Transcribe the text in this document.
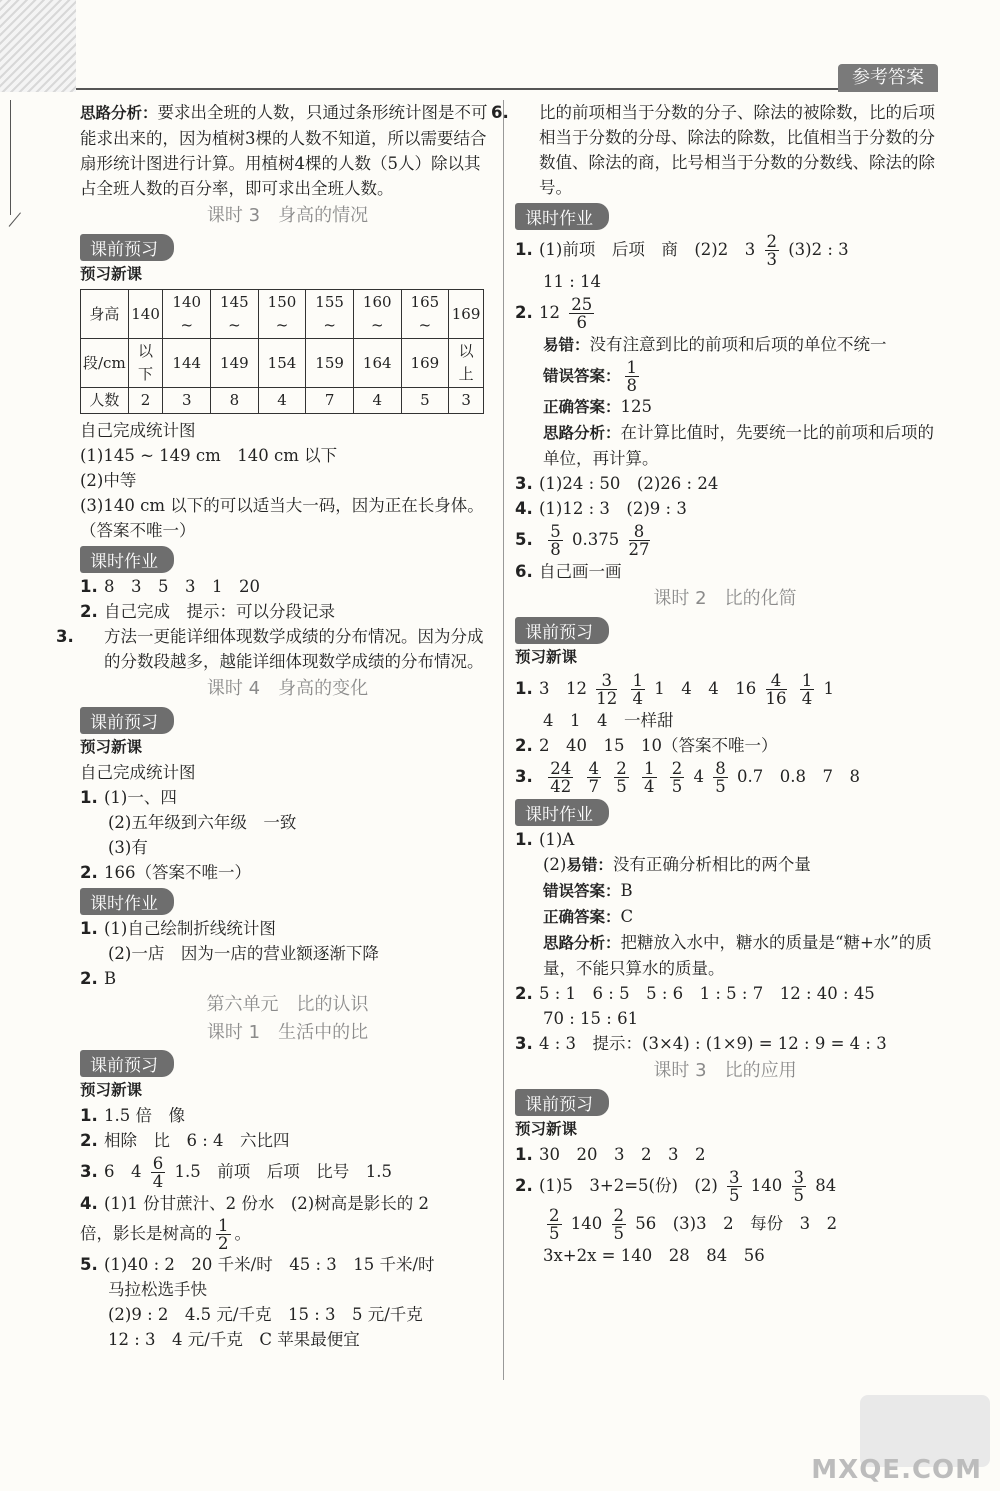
参考答案

思路分析：要求出全班的人数，只通过条形统计图是不可能求出来的，因为植树3棵的人数不知道，所以需要结合扇形统计图进行计算。用植树4棵的人数（5人）除以其占全班人数的百分率，即可求出全班人数。

课时 3　身高的情况
课前预习

预习新课

身高	140	140 ~	145 ~	150 ~	155 ~	160 ~	165 ~	169
段/cm	以下	144	149	154	159	164	169	以上
人数	2	3	8	4	7	4	5	3

自己完成统计图

(1)145 ~ 149 cm　140 cm 以下

(2)中等

(3)140 cm 以下的可以适当大一码，因为正在长身体。（答案不唯一）

课时作业

1. 8　3　5　3　1　20

2. 自己完成　提示：可以分段记录

3. 方法一更能详细体现数学成绩的分布情况。因为分成的分数段越多，越能详细体现数学成绩的分布情况。

课时 4　身高的变化
课前预习

预习新课

自己完成统计图

1. (1)一、四

(2)五年级到六年级　一致

(3)有

2. 166（答案不唯一）

课时作业

1. (1)自己绘制折线统计图

(2)一店　因为一店的营业额逐渐下降

2. B

第六单元　比的认识
课时 1　生活中的比
课前预习

预习新课

1. 1.5 倍　像

2. 相除　比　6 : 4　六比四

3. 6　$4 \frac{6}{4} 1.5$　前项　后项　比号　1.5

4. (1)1 份甘蔗汁、2 份水　(2)树高是影长的 2

倍，影长是树高的 $\frac{1}{2}$ 。

5. (1)40 : 2　20 千米/时　45 : 3　15 千米/时

马拉松选手快

(2)9 : 2　4.5 元/千克　15 : 3　5 元/千克

12 : 3　4 元/千克　C 苹果最便宜

6. 比的前项相当于分数的分子、除法的被除数，比的后项相当于分数的分母、除法的除数，比值相当于分数的分数值、除法的商，比号相当于分数的分数线、除法的除号。

课时作业

1. (1)前项　后项　商　(2)2　$3 \frac{2}{3} (3)2$ : 3

11 : 14

2. $12 \frac{25}{6}$

易错：没有注意到比的前项和后项的单位不统一

错误答案： $\frac{1}{8}$

正确答案：125

思路分析：在计算比值时，先要统一比的前项和后项的单位，再计算。

3. (1)24 : 50　(2)26 : 24

4. (1)12 : 3　(2)9 : 3

5. $\frac{5}{8} 0.375 \frac{8}{27}$

6. 自己画一画

课时 2　比的化简
课前预习

预习新课

1. 3　$12 \frac{3}{12}$
$\frac{1}{4} 1$　4　4　$16 \frac{4}{16}$
$\frac{1}{4} 1$

4　1　4　一样甜

2. 2　40　15　10（答案不唯一）

3. $\frac{24}{42}$
$\frac{4}{7}$
$\frac{2}{5}$
$\frac{1}{4}$
$\frac{2}{5} 4 \frac{8}{5} 0.7$　0.8　7　8

课时作业

1. (1)A

(2)易错：没有正确分析相比的两个量

错误答案：B

正确答案：C

思路分析：把糖放入水中，糖水的质量是“糖+水”的质量，不能只算水的质量。

2. 5 : 1　6 : 5　5 : 6　1 : 5 : 7　12 : 40 : 45

70 : 15 : 61

3. 4 : 3　提示：(3×4) : (1×9) = 12 : 9 = 4 : 3

课时 3　比的应用
课前预习

预习新课

1. 30　20　3　2　3　2

2. (1)5　3+2=5(份)　$(2) \frac{3}{5} 140 \frac{3}{5} 84$

$\frac{2}{5} 140 \frac{2}{5} 56$　(3)3　2　每份　3　2

3x+2x = 140　28　84　56

MXQE.COM
